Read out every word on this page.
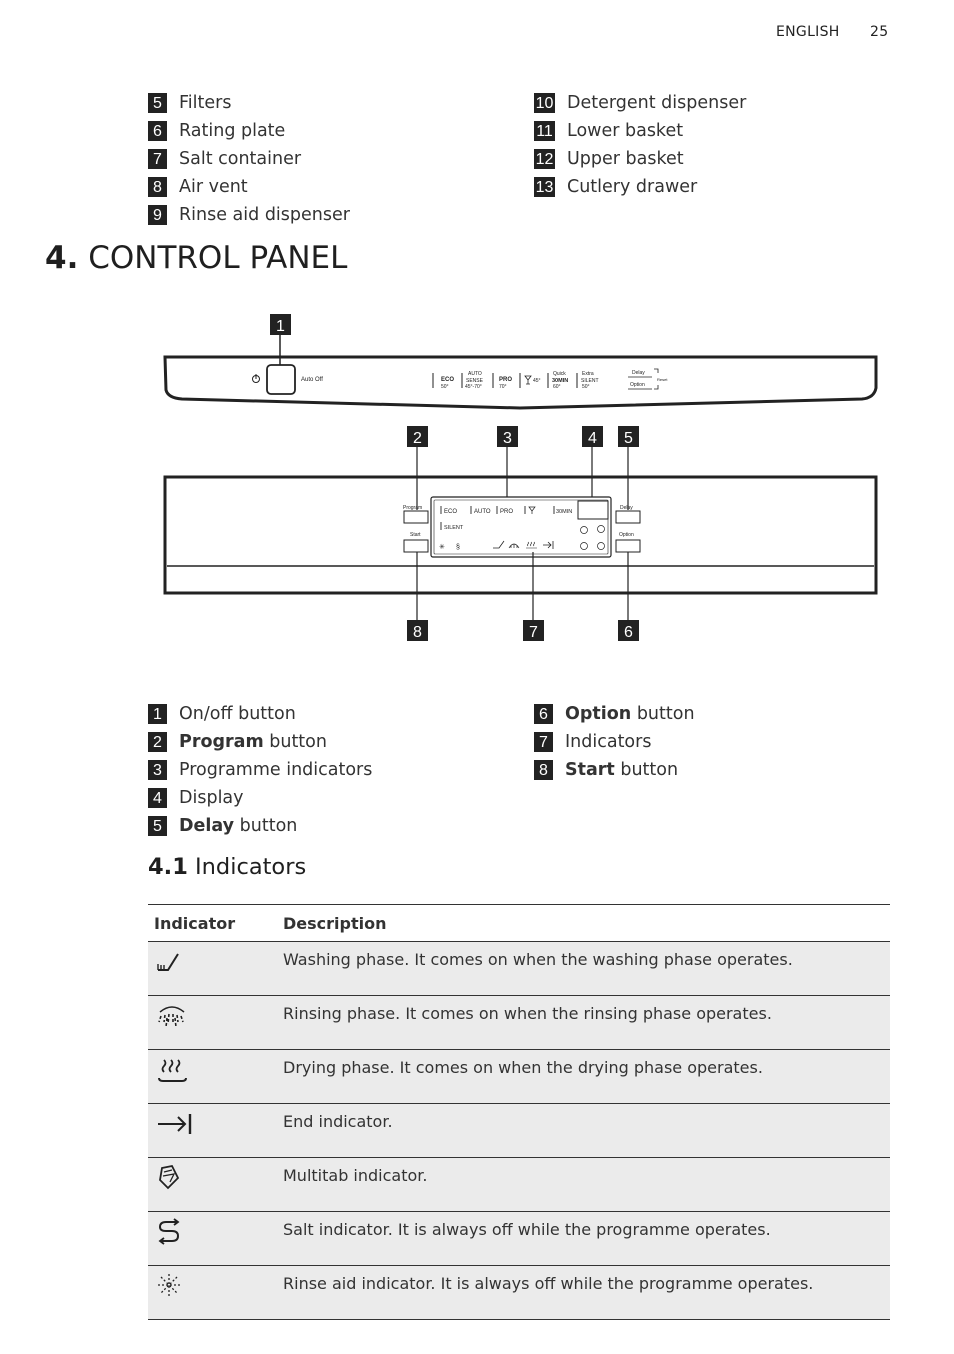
ENGLISH 25
5 Filters
6 Rating plate
7 Salt container
8 Air vent
9 Rinse aid dispenser
10 Detergent dispenser
11 Lower basket
12 Upper basket
13 Cutlery drawer
4. CONTROL PANEL
1
Auto Off	ECO
50°
AUTO
SENSE
45°-70°
PRO
70°
45°
Quick
30MIN
60°
Extra
SILENT
50°
Delay
Option
Reset
2	3	4 5
Program
Start
Delay
Option
ECO	AUTO PRO	30MIN
SILENT
✳ §
8	7	6
1 On/off button
2 Program button
3 Programme indicators
4 Display
5 Delay button
6 Option button
7 Indicators
8 Start button
4.1 Indicators
Indicator	Description
	Washing phase. It comes on when the washing phase operates.
	Rinsing phase. It comes on when the rinsing phase operates.
	Drying phase. It comes on when the drying phase operates.
	End indicator.
	Multitab indicator.
	Salt indicator. It is always off while the programme operates.
	Rinse aid indicator. It is always off while the programme operates.
